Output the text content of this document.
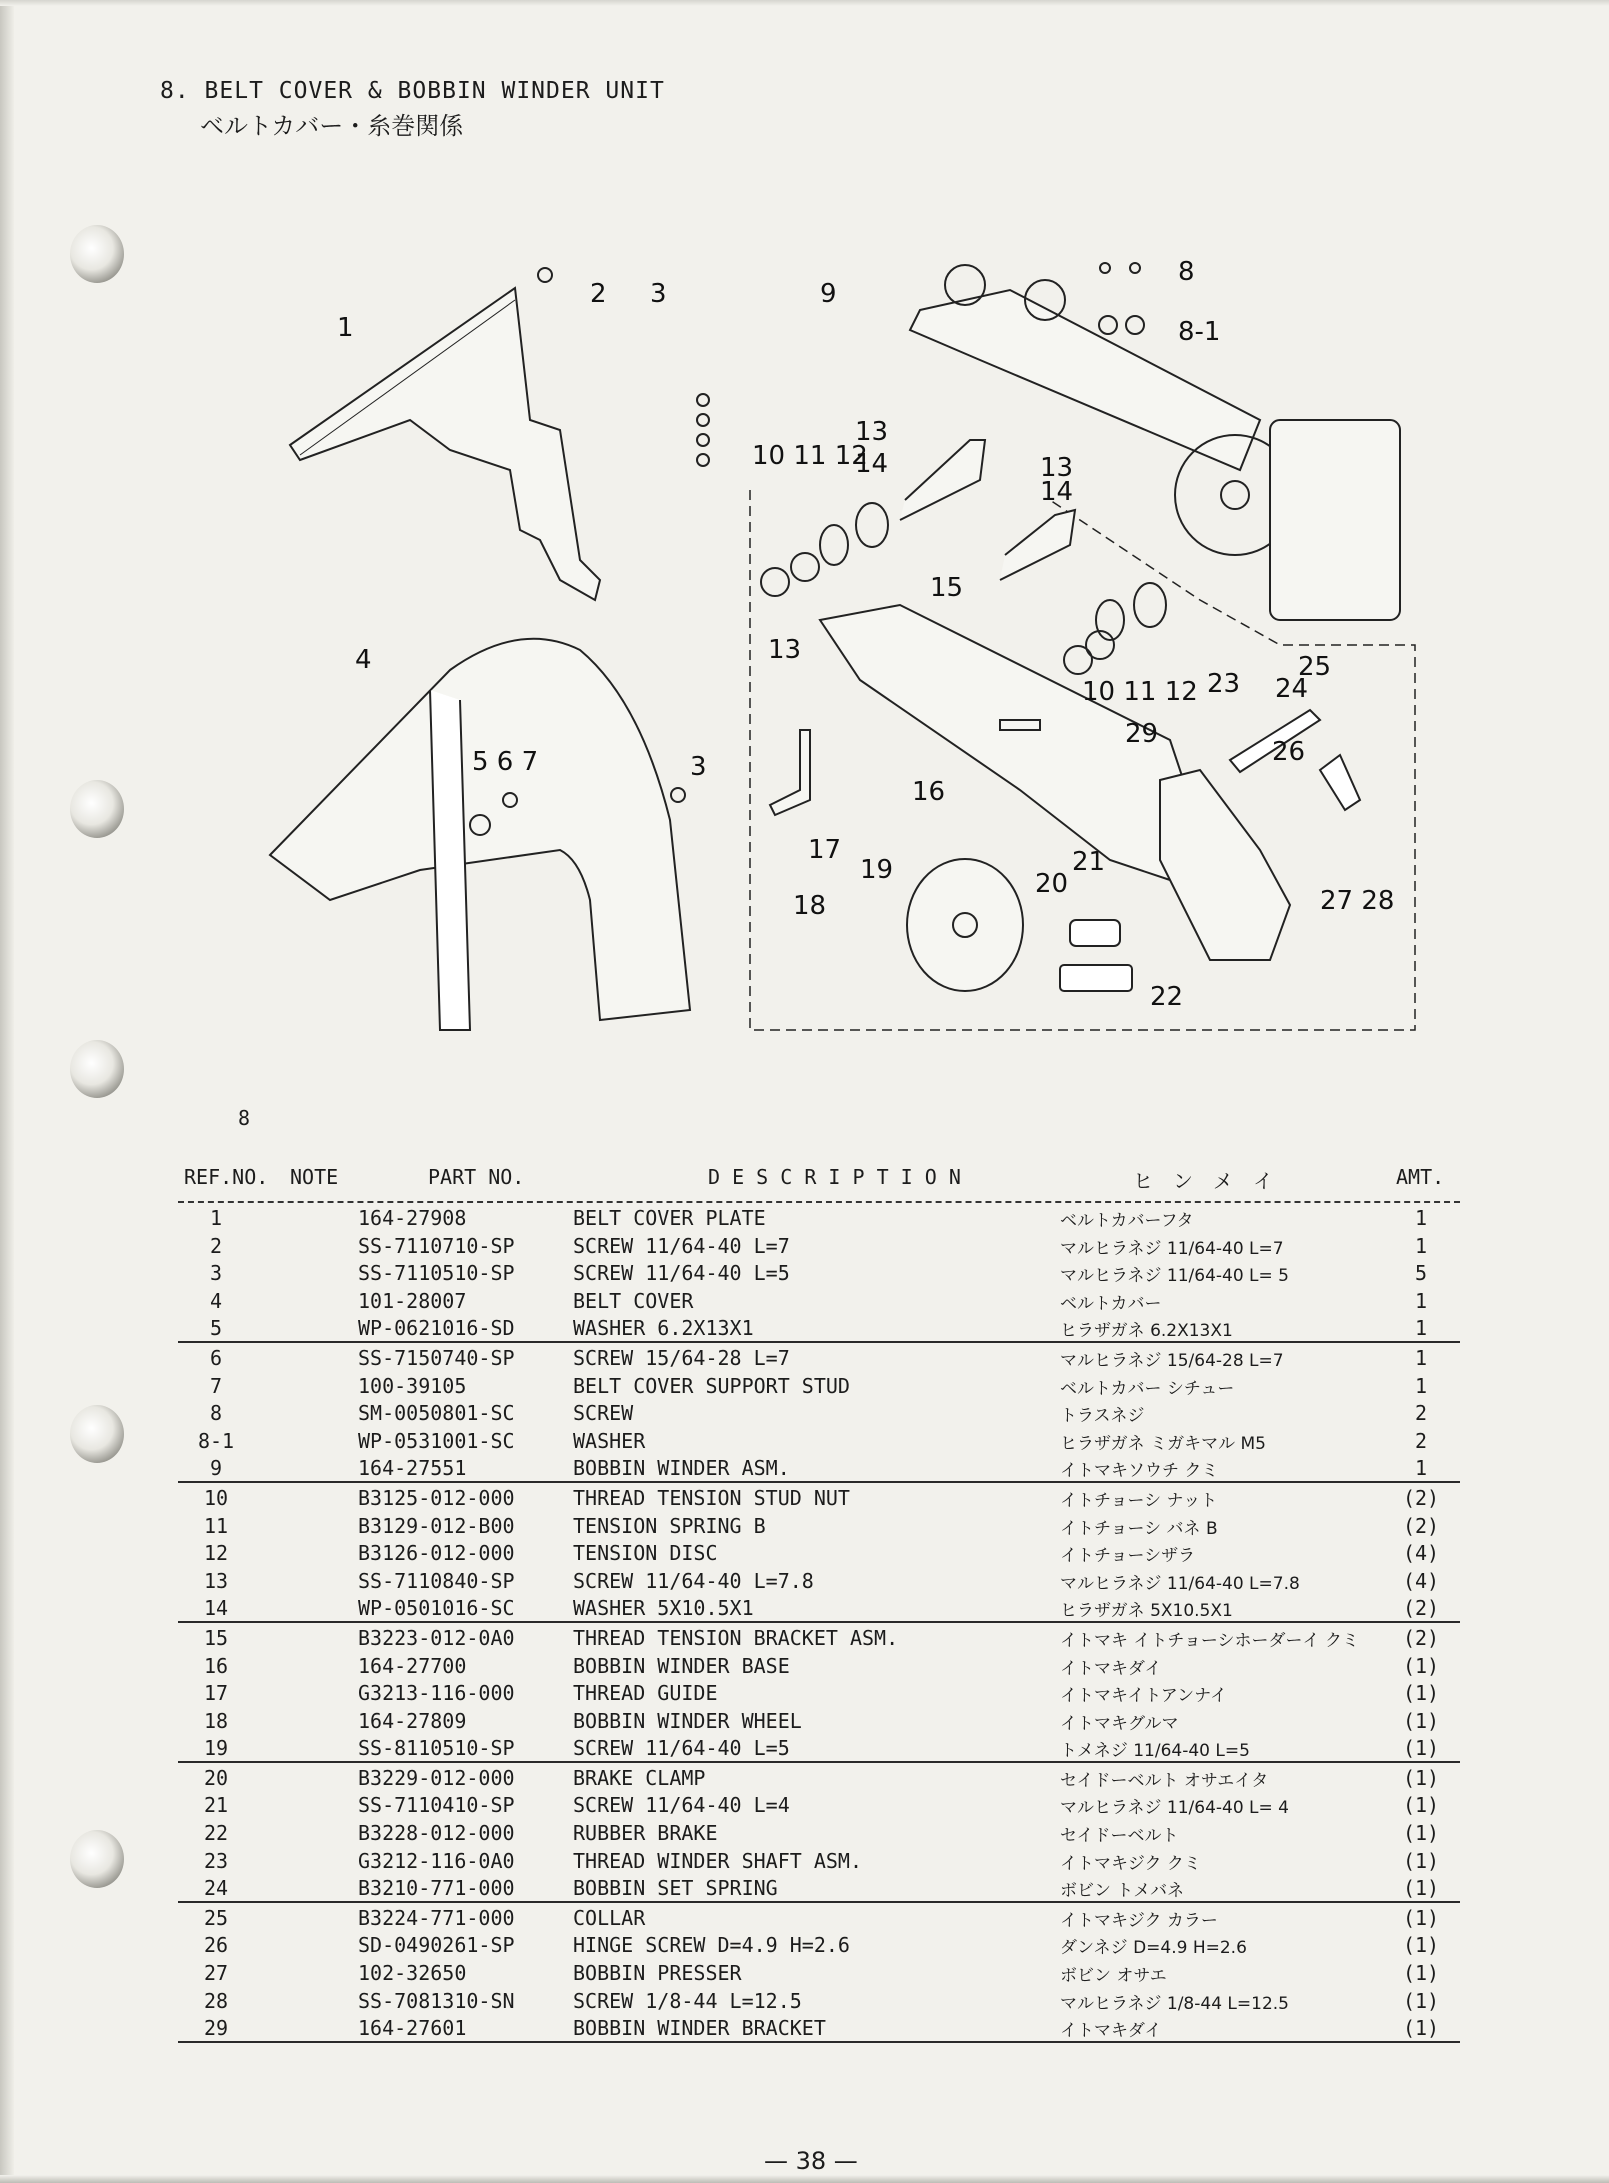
8. BELT COVER & BOBBIN WINDER UNIT
ベルトカバー・糸巻関係
1
2 3
3
4
5 6 7
8
8-1
9
10 11 12
13
14	13
14
15
10 11 12
13
16
17
18
19	20
21
22
23 24
25
26
27 28
29
8
REF.NO. NOTE	PART NO.	D E S C R I P T I O N	ヒ　ン　メ　イ	AMT.
1	164-27908	BELT COVER PLATE	ベルトカバーフタ	1
2	SS-7110710-SP	SCREW 11/64-40 L=7	マルヒラネジ 11/64-40 L=7	1
3	SS-7110510-SP	SCREW 11/64-40 L=5	マルヒラネジ 11/64-40 L= 5	5
4	101-28007	BELT COVER	ベルトカバー	1
5	WP-0621016-SD	WASHER 6.2X13X1	ヒラザガネ 6.2X13X1	1
6	SS-7150740-SP	SCREW 15/64-28 L=7	マルヒラネジ 15/64-28 L=7	1
7	100-39105	BELT COVER SUPPORT STUD	ベルトカバー シチュー	1
8	SM-0050801-SC	SCREW	トラスネジ	2
8-1	WP-0531001-SC	WASHER	ヒラザガネ ミガキマル M5	2
9	164-27551	BOBBIN WINDER ASM.	イトマキソウチ クミ	1
10	B3125-012-000	THREAD TENSION STUD NUT	イトチョーシ ナット	(2)
11	B3129-012-B00	TENSION SPRING B	イトチョーシ バネ B	(2)
12	B3126-012-000	TENSION DISC	イトチョーシザラ	(4)
13	SS-7110840-SP	SCREW 11/64-40 L=7.8	マルヒラネジ 11/64-40 L=7.8	(4)
14	WP-0501016-SC	WASHER 5X10.5X1	ヒラザガネ 5X10.5X1	(2)
15	B3223-012-0A0	THREAD TENSION BRACKET ASM.	イトマキ イトチョーシホーダーイ クミ	(2)
16	164-27700	BOBBIN WINDER BASE	イトマキダイ	(1)
17	G3213-116-000	THREAD GUIDE	イトマキイトアンナイ	(1)
18	164-27809	BOBBIN WINDER WHEEL	イトマキグルマ	(1)
19	SS-8110510-SP	SCREW 11/64-40 L=5	トメネジ 11/64-40 L=5	(1)
20	B3229-012-000	BRAKE CLAMP	セイドーベルト オサエイタ	(1)
21	SS-7110410-SP	SCREW 11/64-40 L=4	マルヒラネジ 11/64-40 L= 4	(1)
22	B3228-012-000	RUBBER BRAKE	セイドーベルト	(1)
23	G3212-116-0A0	THREAD WINDER SHAFT ASM.	イトマキジク クミ	(1)
24	B3210-771-000	BOBBIN SET SPRING	ボビン トメバネ	(1)
25	B3224-771-000	COLLAR	イトマキジク カラー	(1)
26	SD-0490261-SP	HINGE SCREW D=4.9 H=2.6	ダンネジ D=4.9 H=2.6	(1)
27	102-32650	BOBBIN PRESSER	ボビン オサエ	(1)
28	SS-7081310-SN	SCREW 1/8-44 L=12.5	マルヒラネジ 1/8-44 L=12.5	(1)
29	164-27601	BOBBIN WINDER BRACKET	イトマキダイ	(1)
— 38 —
